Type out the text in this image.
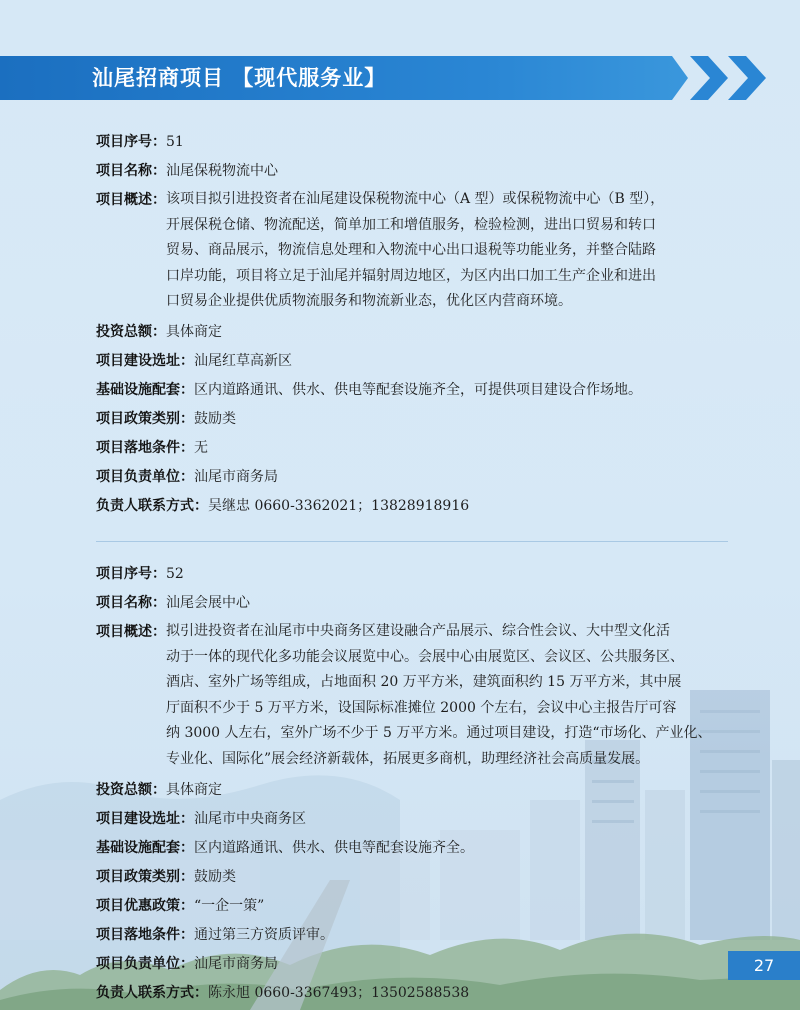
汕尾招商项目 【现代服务业】
项目序号： 51
项目名称： 汕尾保税物流中心
项目概述： 该项目拟引进投资者在汕尾建设保税物流中心（A 型）或保税物流中心（B 型），
开展保税仓储、物流配送，简单加工和增值服务，检验检测，进出口贸易和转口
贸易、商品展示，物流信息处理和入物流中心出口退税等功能业务，并整合陆路
口岸功能，项目将立足于汕尾并辐射周边地区，为区内出口加工生产企业和进出
口贸易企业提供优质物流服务和物流新业态，优化区内营商环境。
投资总额： 具体商定
项目建设选址： 汕尾红草高新区
基础设施配套： 区内道路通讯、供水、供电等配套设施齐全，可提供项目建设合作场地。
项目政策类别： 鼓励类
项目落地条件： 无
项目负责单位： 汕尾市商务局
负责人联系方式： 吴继忠 0660-3362021；13828918916
项目序号： 52
项目名称： 汕尾会展中心
项目概述： 拟引进投资者在汕尾市中央商务区建设融合产品展示、综合性会议、大中型文化活
动于一体的现代化多功能会议展览中心。会展中心由展览区、会议区、公共服务区、
酒店、室外广场等组成，占地面积 20 万平方米，建筑面积约 15 万平方米，其中展
厅面积不少于 5 万平方米，设国际标准摊位 2000 个左右，会议中心主报告厅可容
纳 3000 人左右，室外广场不少于 5 万平方米。通过项目建设，打造“市场化、产业化、
专业化、国际化”展会经济新载体，拓展更多商机，助理经济社会高质量发展。
投资总额： 具体商定
项目建设选址： 汕尾市中央商务区
基础设施配套： 区内道路通讯、供水、供电等配套设施齐全。
项目政策类别： 鼓励类
项目优惠政策： “一企一策”
项目落地条件： 通过第三方资质评审。
项目负责单位： 汕尾市商务局
负责人联系方式： 陈永旭 0660-3367493；13502588538
27
